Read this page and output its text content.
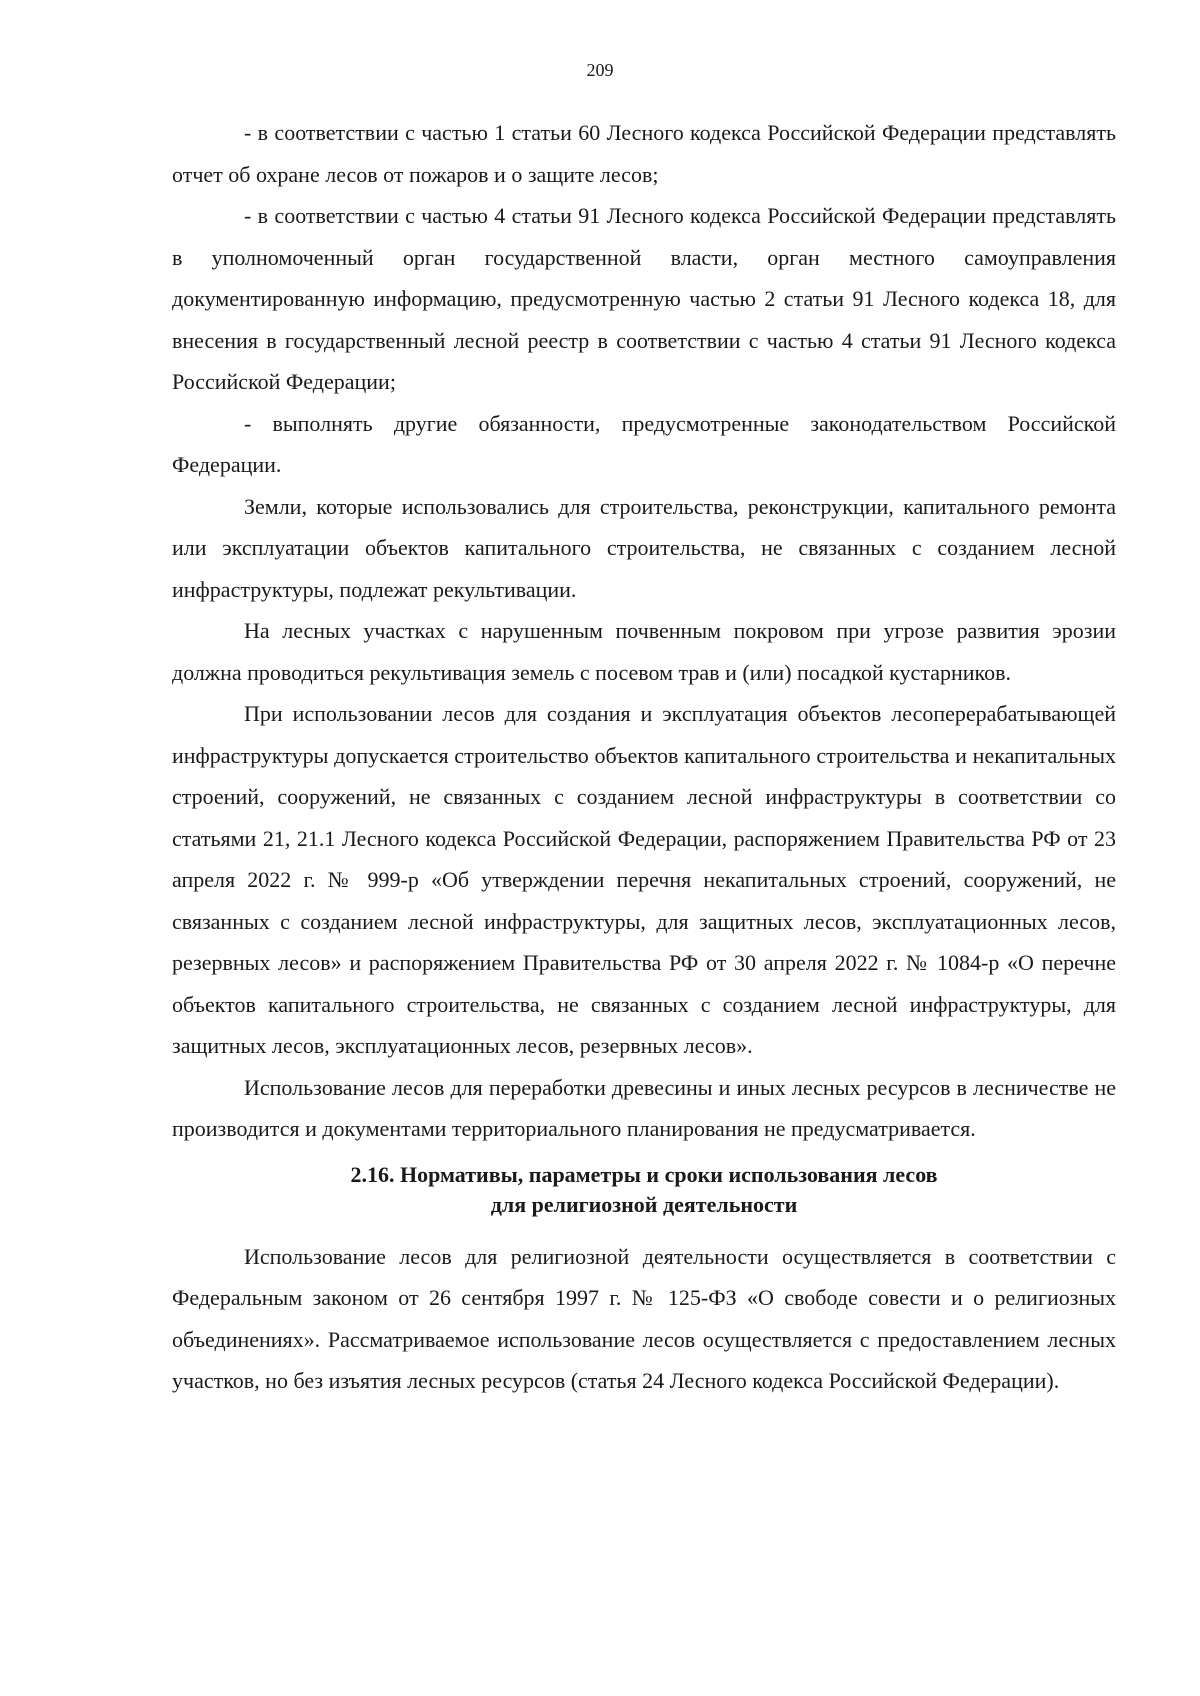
209

- в соответствии с частью 1 статьи 60 Лесного кодекса Российской Федерации представлять отчет об охране лесов от пожаров и о защите лесов;

- в соответствии с частью 4 статьи 91 Лесного кодекса Российской Федерации представлять в уполномоченный орган государственной власти, орган местного самоуправления документированную информацию, предусмотренную частью 2 статьи 91 Лесного кодекса 18, для внесения в государственный лесной реестр в соответствии с частью 4 статьи 91 Лесного кодекса Российской Федерации;

- выполнять другие обязанности, предусмотренные законодательством Российской Федерации.

Земли, которые использовались для строительства, реконструкции, капитального ремонта или эксплуатации объектов капитального строительства, не связанных с созданием лесной инфраструктуры, подлежат рекультивации.

На лесных участках с нарушенным почвенным покровом при угрозе развития эрозии должна проводиться рекультивация земель с посевом трав и (или) посадкой кустарников.

При использовании лесов для создания и эксплуатация объектов лесоперерабатывающей инфраструктуры допускается строительство объектов капитального строительства и некапитальных строений, сооружений, не связанных с созданием лесной инфраструктуры в соответствии со статьями 21, 21.1 Лесного кодекса Российской Федерации, распоряжением Правительства РФ от 23 апреля 2022 г. № 999-р «Об утверждении перечня некапитальных строений, сооружений, не связанных с созданием лесной инфраструктуры, для защитных лесов, эксплуатационных лесов, резервных лесов» и распоряжением Правительства РФ от 30 апреля 2022 г. № 1084-р «О перечне объектов капитального строительства, не связанных с созданием лесной инфраструктуры, для защитных лесов, эксплуатационных лесов, резервных лесов».

Использование лесов для переработки древесины и иных лесных ресурсов в лесничестве не производится и документами территориального планирования не предусматривается.

2.16. Нормативы, параметры и сроки использования лесов
для религиозной деятельности

Использование лесов для религиозной деятельности осуществляется в соответствии с Федеральным законом от 26 сентября 1997 г. № 125-ФЗ «О свободе совести и о религиозных объединениях». Рассматриваемое использование лесов осуществляется с предоставлением лесных участков, но без изъятия лесных ресурсов (статья 24 Лесного кодекса Российской Федерации).
